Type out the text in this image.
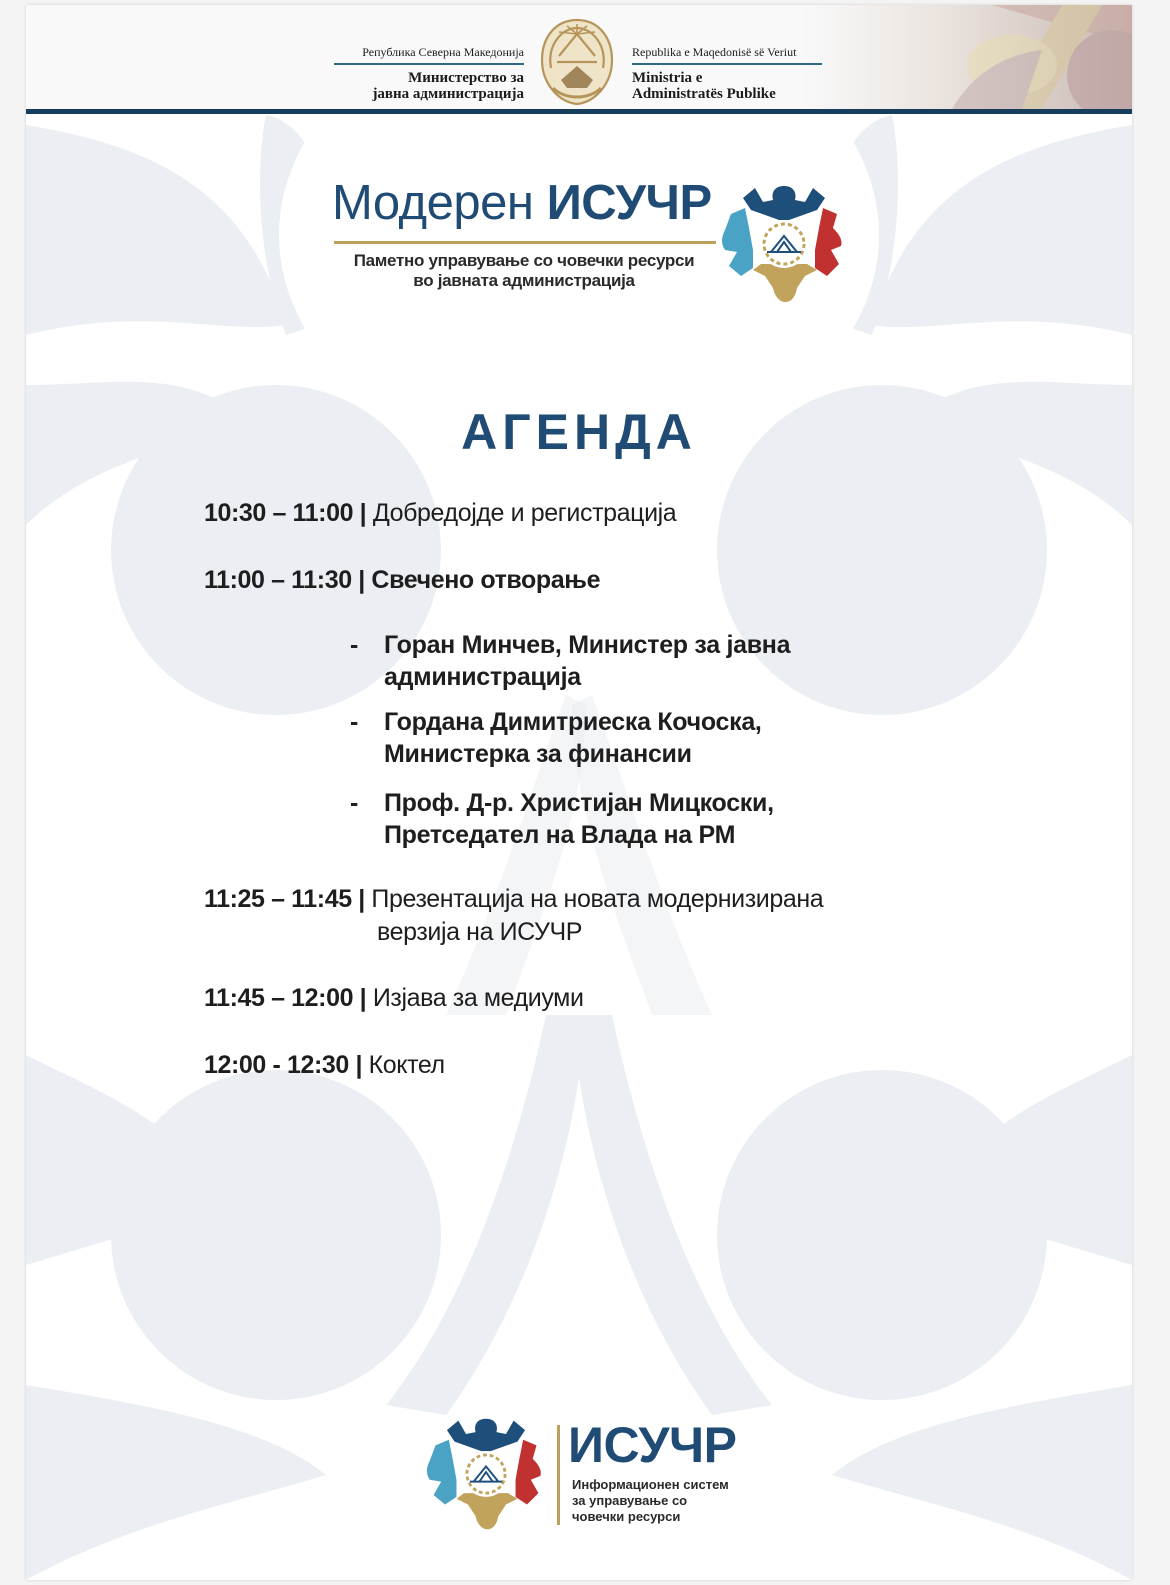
Република Северна Македонија
Министерство за
јавна администрација
Republika e Maqedonisë së Veriut
Ministria e
Administratës Publike
Модерен ИСУЧР
Паметно управување со човечки ресурси
во јавната администрација
АГЕНДА
10:30 – 11:00 | Добредојде и регистрација
11:00 – 11:30 | Свечено отворање
- Горан Минчев, Министер за јавна
администрација
- Гордана Димитриеска Кочоска,
Министерка за финансии
- Проф. Д-р. Христијан Мицкоски,
Претседател на Влада на РМ
11:25 – 11:45 | Презентација на новата модернизирана
верзија на ИСУЧР
11:45 – 12:00 | Изјава за медиуми
12:00 - 12:30 | Коктел
ИСУЧР
Информационен систем
за управување со
човечки ресурси
